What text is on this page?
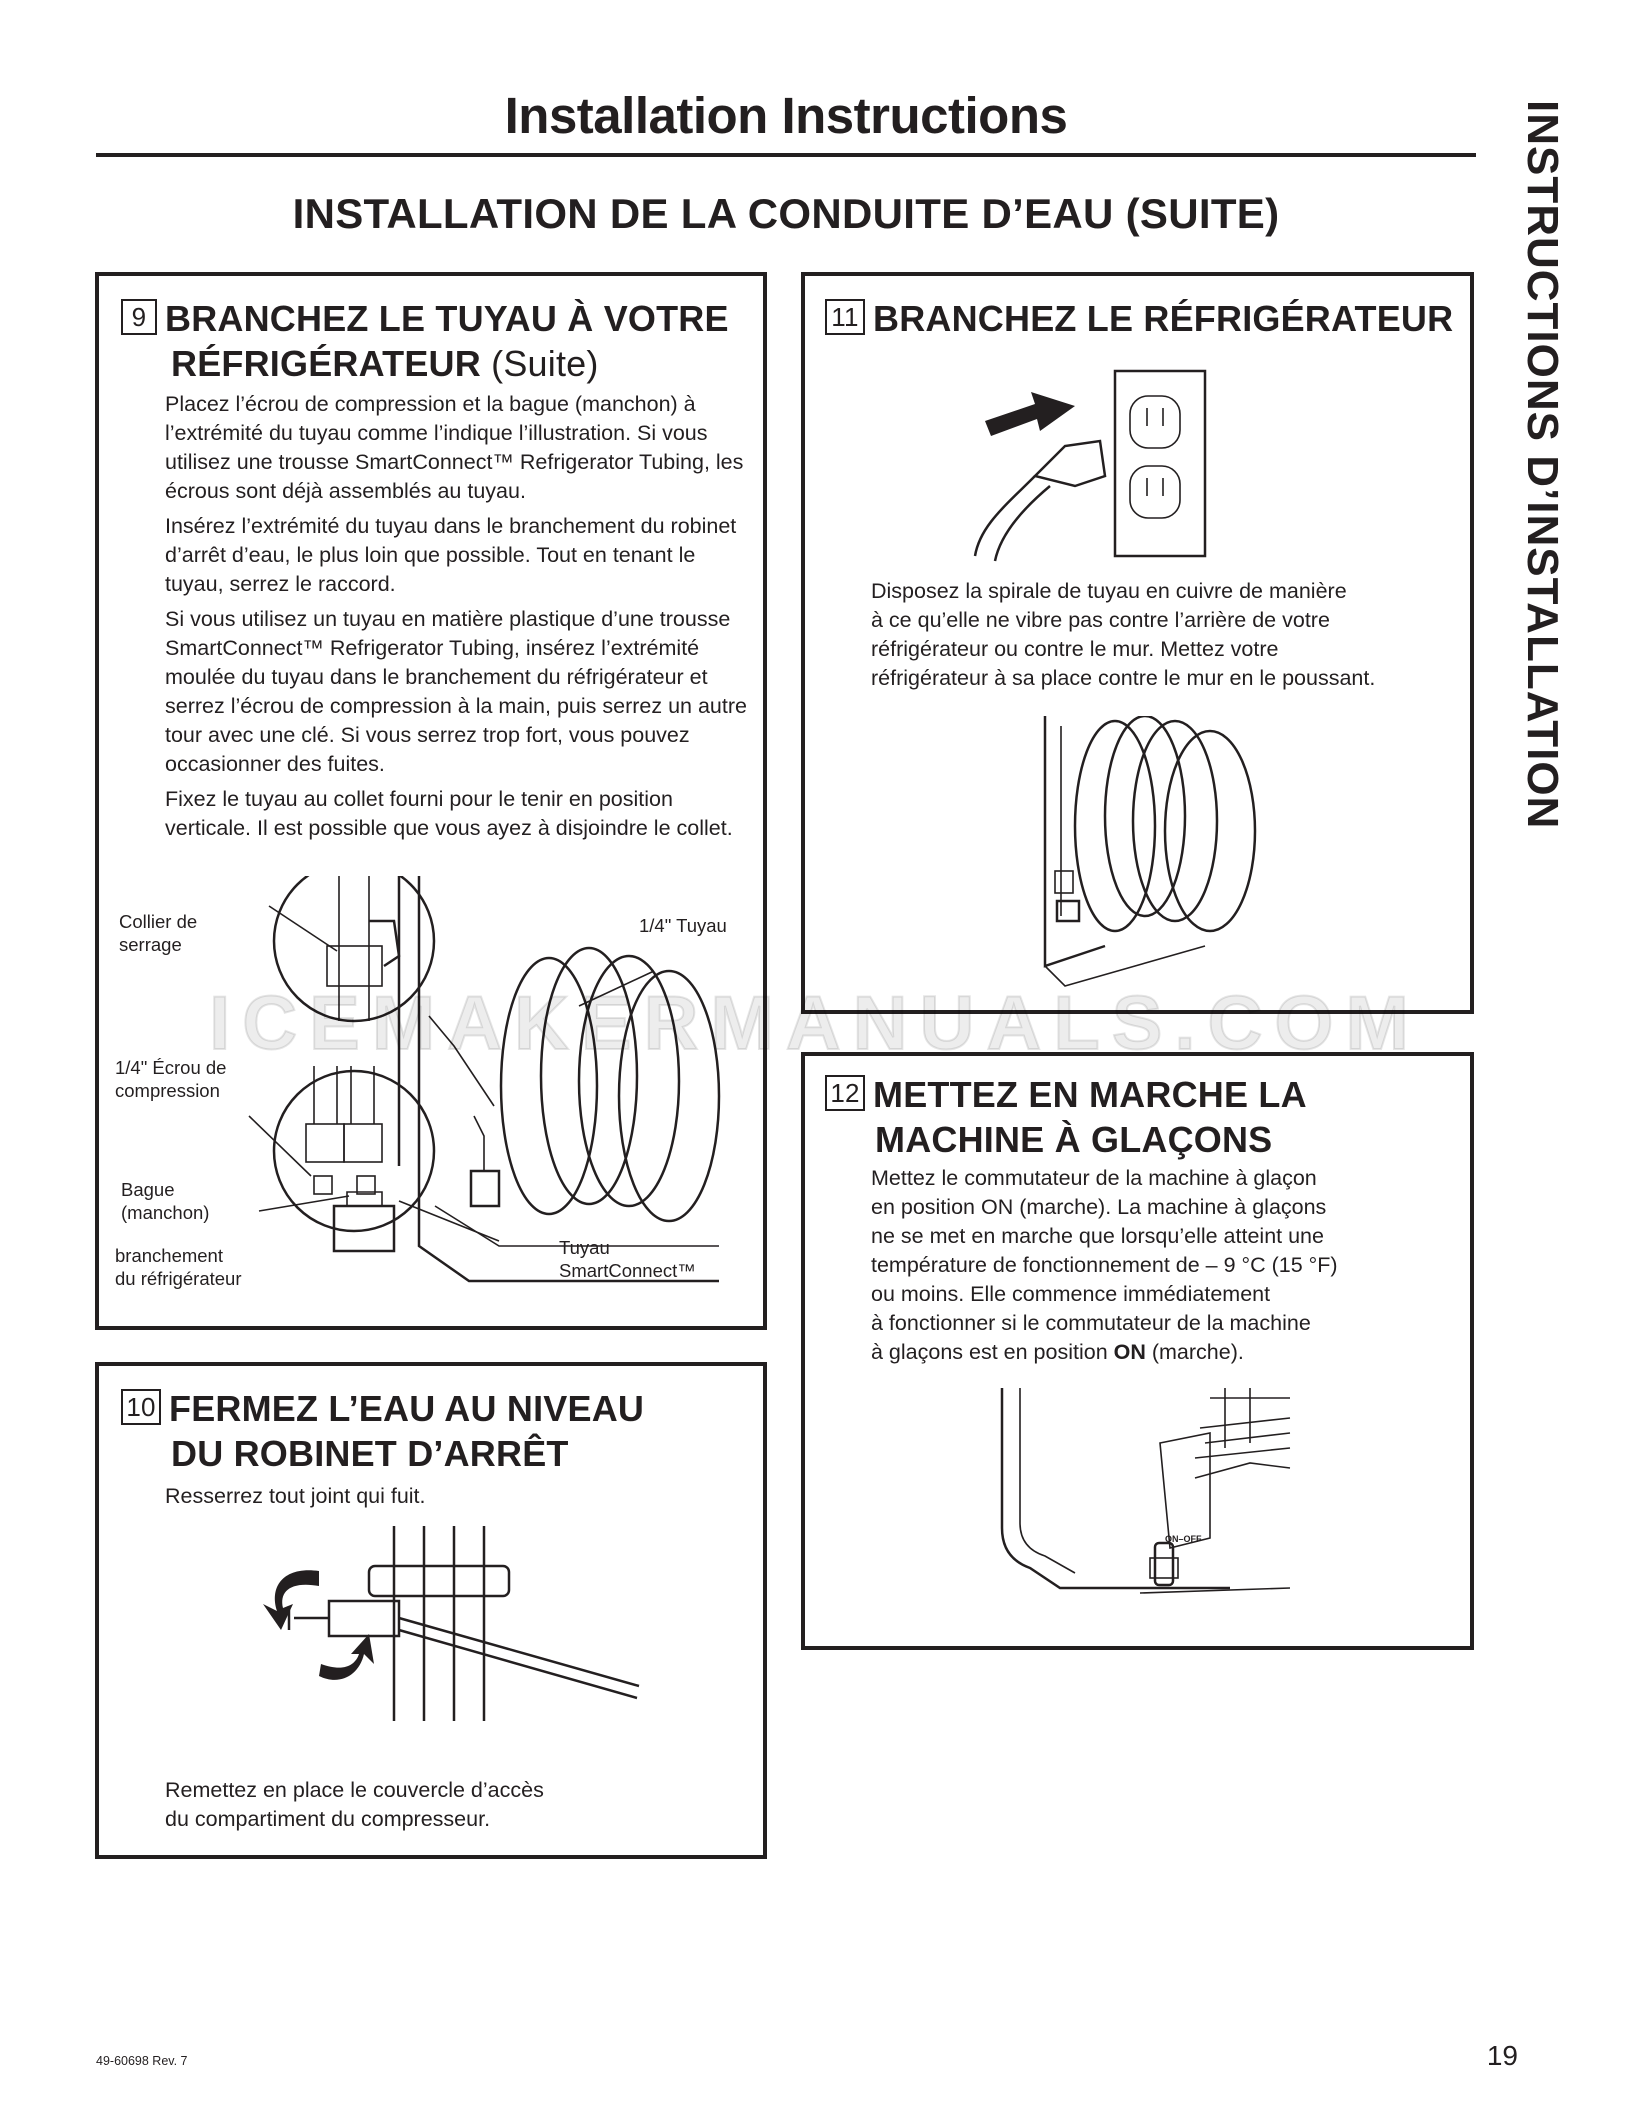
Installation Instructions
INSTALLATION DE LA CONDUITE D’EAU (SUITE)	INSTRUCTIONS D’INSTALLATION
9 BRANCHEZ LE TUYAU À VOTRE
RÉFRIGÉRATEUR (Suite)

Placez l’écrou de compression et la bague (manchon) à l’extrémité du tuyau comme l’indique l’illustration. Si vous utilisez une trousse SmartConnect™ Refrigerator Tubing, les écrous sont déjà assemblés au tuyau.

Insérez l’extrémité du tuyau dans le branchement du robinet d’arrêt d’eau, le plus loin que possible. Tout en tenant le tuyau, serrez le raccord.

Si vous utilisez un tuyau en matière plastique d’une trousse SmartConnect™ Refrigerator Tubing, insérez l’extrémité moulée du tuyau dans le branchement du réfrigérateur et serrez l’écrou de compression à la main, puis serrez un autre tour avec une clé. Si vous serrez trop fort, vous pouvez occasionner des fuites.

Fixez le tuyau au collet fourni pour le tenir en position verticale. Il est possible que vous ayez à disjoindre le collet.

Collier de
serrage
1/4" Tuyau
1/4" Écrou de
compression
Bague
(manchon)
branchement
du réfrigérateur
Tuyau
SmartConnect™
10 FERMEZ L’EAU AU NIVEAU
DU ROBINET D’ARRÊT
Resserrez tout joint qui fuit.
Remettez en place le couvercle d’accès
du compartiment du compresseur.
11 BRANCHEZ LE RÉFRIGÉRATEUR
Disposez la spirale de tuyau en cuivre de manière
à ce qu’elle ne vibre pas contre l’arrière de votre
réfrigérateur ou contre le mur. Mettez votre
réfrigérateur à sa place contre le mur en le poussant.
12 METTEZ EN MARCHE LA
MACHINE À GLAÇONS
Mettez le commutateur de la machine à glaçon
en position ON (marche). La machine à glaçons
ne se met en marche que lorsqu’elle atteint une
température de fonctionnement de – 9 °C (15 °F)
ou moins. Elle commence immédiatement
à fonctionner si le commutateur de la machine
à glaçons est en position ON (marche).
ON–OFF
ICEMAKERMANUALS.COM
49-60698 Rev. 7	19
